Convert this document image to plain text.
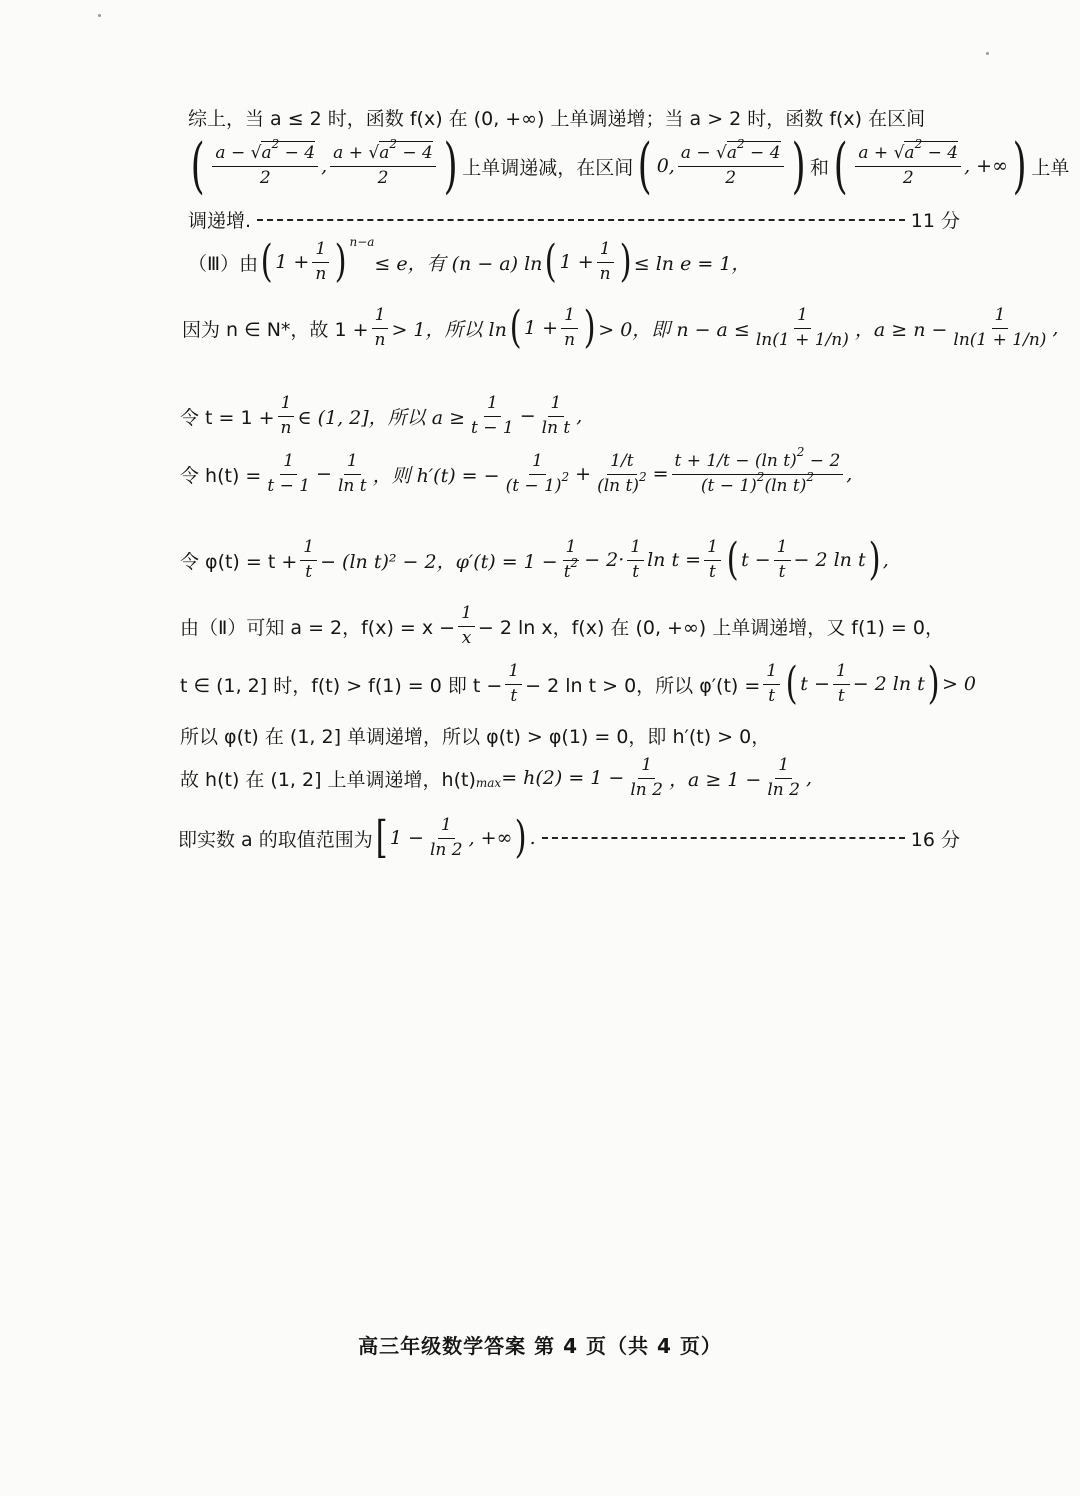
综上，当 a ≤ 2 时，函数 f(x) 在 (0, +∞) 上单调递增；当 a > 2 时，函数 f(x) 在区间
( $\frac{a - √a^2 - 4}{2}$ , $\frac{a + √a^2 - 4}{2}$ ) 上单调递减，在区间 ( 0, $\frac{a - √a^2 - 4}{2}$ ) 和 ( $\frac{a + √a^2 - 4}{2}$ , +∞ ) 上单
调递增.	11 分
（Ⅲ）由 ( $1 + \frac{1}{n}$ ) n−a
≤ e，有 (n − a) ln ( $1 + \frac{1}{n}$ ) ≤ ln e = 1，
因为 n ∈ N*，故 $1 + \frac{1}{n} > 1$，所以 ln ( $1 + \frac{1}{n}$ ) > 0，即 $n - a \le \frac{1}{\ln(1 + 1/n)}$ ，$a \ge n - \frac{1}{\ln(1 + 1/n)}$ ,
令 $t = 1 + \frac{1}{n}$ ∈ (1, 2]，所以 $a \ge \frac{1}{t - 1} - \frac{1}{\text{ln t}}$ ,
令 $h(t) = \frac{1}{t - 1} - \frac{1}{\text{ln t}}$ ，则 h′(t) = − $\frac{1}{(t - 1)^2} + \frac{1/t}{(\ln t)^2} = \frac{t + 1/t - (\ln t)^2 - 2}{(t - 1)^2(\ln t)^2}$ ,
令 $\varphi(t) = t + \frac{1}{t} - (\ln$ t)² − 2，$\varphi'(t) = 1 - \frac{1}{t^2} - 2\cdot \frac{1}{t}$ $\ln t = \frac{1}{t}$ ( $t - \frac{1}{t} - 2$ ln t ) ,
由（Ⅱ）可知 a = 2，$f(x) = x - \frac{1}{x} - 2$ ln x，f(x) 在 (0, +∞) 上单调递增，又 f(1) = 0，
t ∈ (1, 2] 时，f(t) > f(1) = 0 即 $t - \frac{1}{t} - 2$ ln t > 0，所以 $\varphi'(t) = \frac{1}{t}$ ( $t - \frac{1}{t} - 2$ ln t ) > 0
所以 φ(t) 在 (1, 2] 单调递增，所以 φ(t) > φ(1) = 0，即 h′(t) > 0，
故 h(t) 在 (1, 2] 上单调递增，h(t) $\max = h(2) = 1 - \frac{1}{\ln 2}$ ，$a \ge 1 - \frac{1}{\ln 2}$ ,
即实数 a 的取值范围为 [ $1 - \frac{1}{\ln 2}$ , +∞ ) .	16 分
高三年级数学答案 第 4 页（共 4 页）
